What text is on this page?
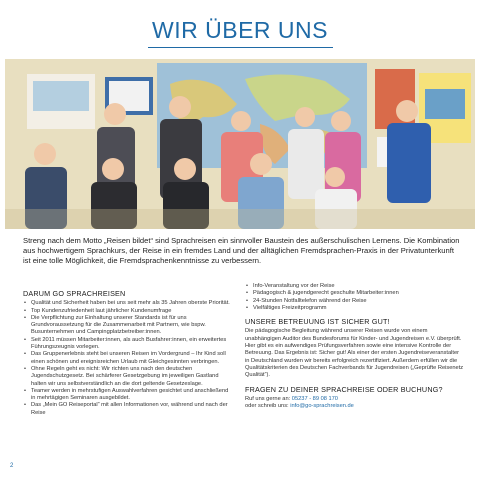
WIR ÜBER UNS
Streng nach dem Motto „Reisen bildet“ sind Sprachreisen ein sinnvoller Baustein des außerschulischen Lernens. Die Kombination aus hochwertigem Sprachkurs, der Reise in ein fremdes Land und der alltäglichen Fremdsprachen-Praxis in der Privatunterkunft ist eine tolle Möglichkeit, die Fremdsprachenkenntnisse zu verbessern.
DARUM GO SPRACHREISEN
• Qualität und Sicherheit haben bei uns seit mehr als 35 Jahren oberste Priorität.
• Top Kundenzufriedenheit laut jährlicher Kundenumfrage
• Die Verpflichtung zur Einhaltung unserer Standards ist für uns Grundvoraussetzung für die Zusammenarbeit mit Partnern, wie bspw. Busunternehmen und Campingplatzbetreiber:innen.
• Seit 2011 müssen Mitarbeiter:innen, als auch Busfahrer:innen, ein erweitertes Führungszeugnis vorlegen.
• Das Gruppenerlebnis steht bei unseren Reisen im Vordergrund – Ihr Kind soll einen schönen und ereignisreichen Urlaub mit Gleichgesinnten verbringen.
• Ohne Regeln geht es nicht: Wir richten uns nach den deutschen Jugendschutzgesetz. Bei schärferer Gesetzgebung im jeweiligen Gastland halten wir uns selbstverständlich an die dort geltende Gesetzeslage.
• Teamer werden in mehrstufigen Auswahlverfahren gesichtet und anschließend in mehrtägigen Seminaren ausgebildet.
• Das „Mein GO Reiseportal“ mit allen Informationen vor, während und nach der Reise
• Info-Veranstaltung vor der Reise
• Pädagogisch & jugendgerecht geschulte Mitarbeiter:innen
• 24-Stunden Notfalltelefon während der Reise
• Vielfältiges Freizeitprogramm
UNSERE BETREUUNG IST SICHER GUT!

Die pädagogische Begleitung während unserer Reisen wurde von einem unabhängigen Auditor des Bundesforums für Kinder- und Jugendreisen e.V. überprüft. Hier gibt es ein aufwendiges Prüfungsverfahren sowie eine intensive Kontrolle der Betreuung. Das Ergebnis ist: Sicher gut! Als einer der ersten Jugendreiseveranstalter in Deutschland wurden wir bereits erfolgreich rezertifiziert. Außerdem erfüllen wir die Qualitätskriterien des Deutschen Fachverbands für Jugendreisen („Geprüfte Reisenetz Qualität“).

FRAGEN ZU DEINER SPRACHREISE ODER BUCHUNG?

Ruf uns gerne an: 05237 - 89 08 170

oder schreib uns: info@go-sprachreisen.de

2
